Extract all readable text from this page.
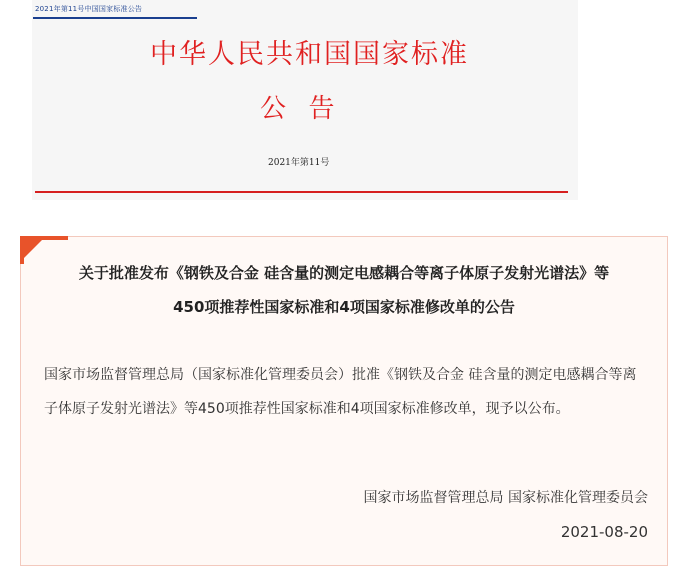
2021年第11号中国国家标准公告
中华人民共和国国家标准
公  告
2021年第11号
关于批准发布《钢铁及合金 硅含量的测定电感耦合等离子体原子发射光谱法》等
450项推荐性国家标准和4项国家标准修改单的公告
国家市场监督管理总局（国家标准化管理委员会）批准《钢铁及合金 硅含量的测定电感耦合等离子体原子发射光谱法》等450项推荐性国家标准和4项国家标准修改单，现予以公布。
国家市场监督管理总局 国家标准化管理委员会
2021-08-20
